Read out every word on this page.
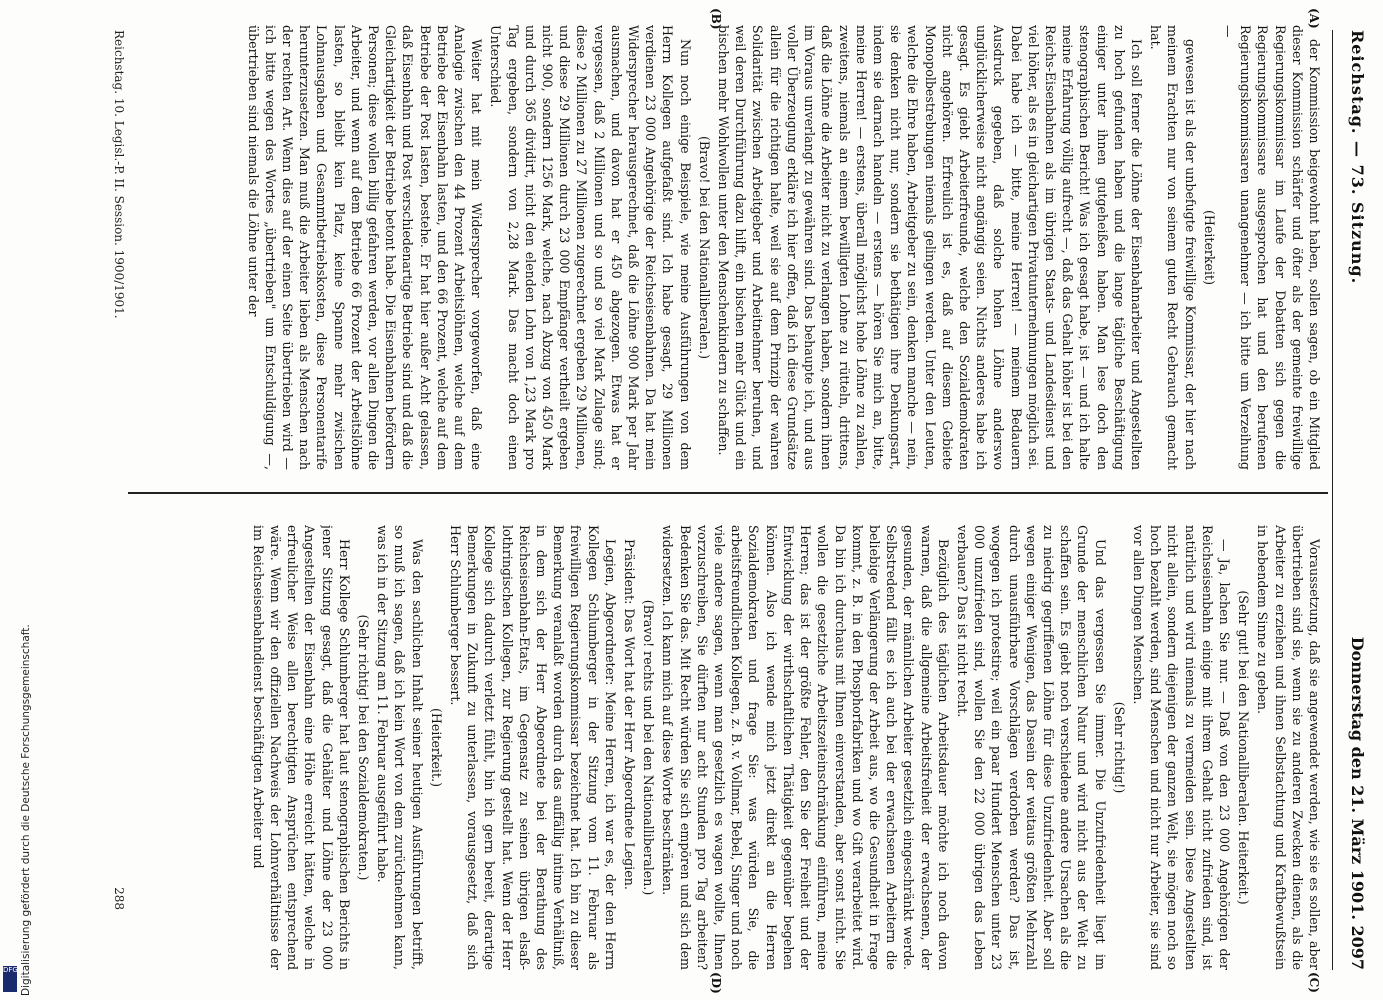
Reichstag. — 73. Sitzung.
Donnerstag den 21. März 1901. 2097
(A)
(B)
(C)
(D)

der Kommission beigewohnt haben, sollen sagen, ob ein Mitglied dieser Kommission schärfer und öfter als der gemeinte freiwillige Regierungskommissar im Laufe der Debatten sich gegen die Regierungskommissare ausgesprochen hat und den berufenen Regierungskommissaren unangenehmer — ich bitte um Verzeihung —

(Heiterkeit)

gewesen ist als der unbefugte freiwillige Kommissar, der hier nach meinem Erachten nur von seinem guten Recht Gebrauch gemacht hat.

Ich soll ferner die Löhne der Eisenbahnarbeiter und Angestellten zu hoch gefunden haben und die lange tägliche Beschäftigung einiger unter ihnen gutgeheißen haben. Man lese doch den stenographischen Bericht! Was ich gesagt habe, ist — und ich halte meine Erfahrung völlig aufrecht —, daß das Gehalt höher ist bei den Reichs-Eisenbahnen als im übrigen Staats- und Landesdienst und viel höher, als es in gleichartigen Privatunternehmungen möglich sei. Dabei habe ich — bitte, meine Herren! — meinem Bedauern Ausdruck gegeben, daß solche hohen Löhne anderswo unglücklicherweise nicht angängig seien. Nichts anderes habe ich gesagt. Es giebt Arbeiterfreunde, welche den Sozialdemokraten nicht angehören. Erfreulich ist es, daß auf diesem Gebiete Monopolbestrebungen niemals gelingen werden. Unter den Leuten, welche die Ehre haben, Arbeitgeber zu sein, denken manche — nein, sie denken nicht nur, sondern sie bethätigen ihre Denkungsart, indem sie darnach handeln — erstens — hören Sie mich an, bitte, meine Herren! — erstens, überall möglichst hohe Löhne zu zahlen, zweitens, niemals an einem bewilligten Lohne zu rütteln, drittens, daß die Löhne die Arbeiter nicht zu verlangen haben, sondern ihnen im Voraus unverlangt zu gewähren sind. Das behaupte ich, und aus voller Überzeugung erkläre ich hier offen, daß ich diese Grundsätze allein für die richtigen halte, weil sie auf dem Prinzip der wahren Solidarität zwischen Arbeitgeber und Arbeitnehmer beruhen, und weil deren Durchführung dazu hilft, ein bischen mehr Glück und ein bischen mehr Wohlwollen unter den Menschenkindern zu schaffen.

(Bravo! bei den Nationalliberalen.)

Nun noch einige Beispiele, wie meine Ausführungen von dem Herrn Kollegen aufgefaßt sind. Ich habe gesagt, 29 Millionen verdienen 23 000 Angehörige der Reichseisenbahnen. Da hat mein Widersprecher herausgerechnet, daß die Löhne 900 Mark per Jahr ausmachen, und davon hat er 450 abgezogen. Etwas hat er vergessen, daß 2 Millionen und so und so viel Mark Zulage sind; diese 2 Millionen zu 27 Millionen zugerechnet ergeben 29 Millionen, und diese 29 Millionen durch 23 000 Empfänger vertheilt ergeben nicht 900, sondern 1256 Mark, welche, nach Abzug von 450 Mark und durch 365 dividirt, nicht den elenden Lohn von 1,23 Mark pro Tag ergeben, sondern von 2,28 Mark. Das macht doch einen Unterschied.

Weiter hat mit mein Widersprecher vorgeworfen, daß eine Analogie zwischen den 44 Prozent Arbeitslöhnen, welche auf dem Betriebe der Eisenbahn lasten, und den 66 Prozent, welche auf dem Betriebe der Post lasten, bestehe. Er hat hier außer Acht gelassen, daß Eisenbahn und Post verschiedenartige Betriebe sind und daß die Gleichartigkeit der Betriebe betont habe. Die Eisenbahnen befördern Personen; diese wollen billig gefahren werden, vor allen Dingen die Arbeiter, und wenn auf dem Betriebe 66 Prozent der Arbeitslöhne lasten, so bleibt kein Platz, keine Spanne mehr zwischen Lohnausgaben und Gesammtbetriebskosten, diese Personentarife herunterzusetzen. Man muß die Arbeiter lieben als Menschen nach der rechten Art. Wenn dies auf der einen Seite übertrieben wird — ich bitte wegen des Wortes „übertrieben" um Entschuldigung —, übertrieben sind niemals die Löhne unter der

Voraussetzung, daß sie angewendet werden, wie sie es sollen, aber übertrieben sind sie, wenn sie zu anderen Zwecken dienen, als die Arbeiter zu erziehen und ihnen Selbstachtung und Kraftbewußtsein in hebendem Sinne zu geben.

(Sehr gut! bei den Nationalliberalen. Heiterkeit.)

— Ja, lachen Sie nur. — Daß von den 23 000 Angehörigen der Reichseisenbahn einige mit ihrem Gehalt nicht zufrieden sind, ist natürlich und wird niemals zu vermeiden sein. Diese Angestellten nicht allein, sondern diejenigen der ganzen Welt, sie mögen noch so hoch bezahlt werden, sind Menschen und nicht nur Arbeiter, sie sind vor allen Dingen Menschen.

(Sehr richtig!)

Und das vergessen Sie immer. Die Unzufriedenheit liegt im Grunde der menschlichen Natur und wird nicht aus der Welt zu schaffen sein. Es giebt noch verschiedene andere Ursachen als die zu niedrig gegriffenen Löhne für diese Unzufriedenheit. Aber soll wegen einiger Wenigen, das Dasein der weitaus größten Mehrzahl durch unausführbare Vorschlägen verdorben werden? Das ist, wogegen ich protestire; weil ein paar Hundert Menschen unter 23 000 unzufrieden sind, wollen Sie den 22 000 übrigen das Leben verbauen? Das ist nicht recht.

Bezüglich des täglichen Arbeitsdauer möchte ich noch davon warnen, daß die allgemeine Arbeitsfreiheit der erwachsenen, der gesunden, der männlichen Arbeiter gesetzlich eingeschränkt werde. Selbstredend fällt es ich auch bei der erwachsenen Arbeitern die beliebige Verlängerung der Arbeit aus, wo die Gesundheit in Frage kommt, z. B. in den Phosphorfabriken und wo Gift verarbeitet wird. Da bin ich durchaus mit Ihnen einverstanden, aber sonst nicht. Sie wollen die gesetzliche Arbeitszeiteinschränkung einführen, meine Herren; das ist der größte Fehler, den Sie der Freiheit und der Entwicklung der wirthschaftlichen Thätigkeit gegenüber begehen können. Also ich wende mich jetzt direkt an die Herren Sozialdemokraten und frage Sie: was würden Sie, die arbeitsfreundlichen Kollegen, z. B. v. Vollmar, Bebel, Singer und noch viele andere sagen, wenn man gesetzlich es wagen wollte, Ihnen vorzuschreiben, Sie dürften nur acht Stunden pro Tag arbeiten? Bedenken Sie das. Mit Recht würden Sie sich empören und sich dem widersetzen. Ich kann mich auf diese Worte beschränken.

(Bravo! rechts und bei den Nationalliberalen.)

Präsident: Das Wort hat der Herr Abgeordnete Legien.

Legien, Abgeordneter: Meine Herren, ich war es, der den Herrn Kollegen Schlumberger in der Sitzung vom 11. Februar als freiwilligen Regierungskommissar bezeichnet hat. Ich bin zu dieser Bemerkung veranlaßt worden durch das auffällig intime Verhältniß, in dem sich der Herr Abgeordnete bei der Berathung des Reichseisenbahn-Etats, im Gegensatz zu seinen übrigen elsaß-lothringischen Kollegen, zur Regierung gestellt hat. Wenn der Herr Kollege sich dadurch verletzt fühlt, bin ich gern bereit, derartige Bemerkungen in Zukunft zu unterlassen, vorausgesetzt, daß sich Herr Schlumberger bessert.

(Heiterkeit.)

Was den sachlichen Inhalt seiner heutigen Ausführungen betrifft, so muß ich sagen, daß ich kein Wort von dem zurücknehmen kann, was ich in der Sitzung am 11. Februar ausgeführt habe.

(Sehr richtig! bei den Sozialdemokraten.)

Herr Kollege Schlumberger hat laut stenographischen Berichts in jener Sitzung gesagt, daß die Gehälter und Löhne der 23 000 Angestellten der Eisenbahn eine Höhe erreicht hätten, welche in erfreulicher Weise allen berechtigten Ansprüchen entsprechend wäre. Wenn wir den offiziellen Nachweis der Lohnverhältnisse der im Reichseisenbahndienst beschäftigten Arbeiter und

Reichstag. 10. Legisl.-P. II. Session. 1900/1901.
288
Digitalisierung gefördert durch die Deutsche Forschungsgemeinschaft.
DFG
